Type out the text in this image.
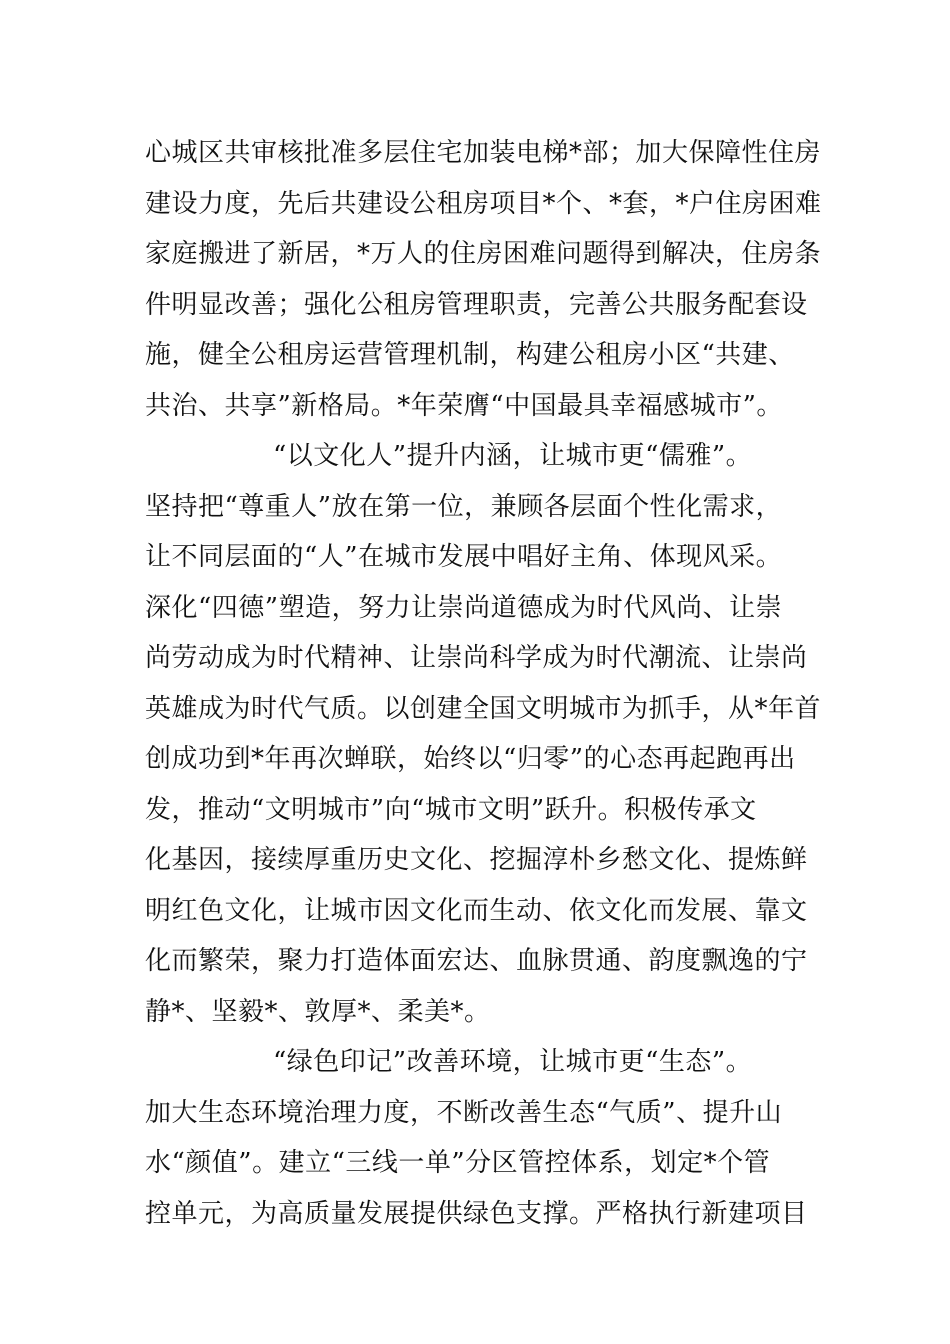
心城区共审核批准多层住宅加装电梯*部；加大保障性住房
建设力度，先后共建设公租房项目*个、*套，*户住房困难
家庭搬进了新居，*万人的住房困难问题得到解决，住房条
件明显改善；强化公租房管理职责，完善公共服务配套设
施，健全公租房运营管理机制，构建公租房小区“共建、
共治、共享”新格局。*年荣膺“中国最具幸福感城市”。
“以文化人”提升内涵，让城市更“儒雅”。
坚持把“尊重人”放在第一位，兼顾各层面个性化需求，
让不同层面的“人”在城市发展中唱好主角、体现风采。
深化“四德”塑造，努力让崇尚道德成为时代风尚、让崇
尚劳动成为时代精神、让崇尚科学成为时代潮流、让崇尚
英雄成为时代气质。以创建全国文明城市为抓手，从*年首
创成功到*年再次蝉联，始终以“归零”的心态再起跑再出
发，推动“文明城市”向“城市文明”跃升。积极传承文
化基因，接续厚重历史文化、挖掘淳朴乡愁文化、提炼鲜
明红色文化，让城市因文化而生动、依文化而发展、靠文
化而繁荣，聚力打造体面宏达、血脉贯通、韵度飘逸的宁
静*、坚毅*、敦厚*、柔美*。
“绿色印记”改善环境，让城市更“生态”。
加大生态环境治理力度，不断改善生态“气质”、提升山
水“颜值”。建立“三线一单”分区管控体系，划定*个管
控单元，为高质量发展提供绿色支撑。严格执行新建项目
